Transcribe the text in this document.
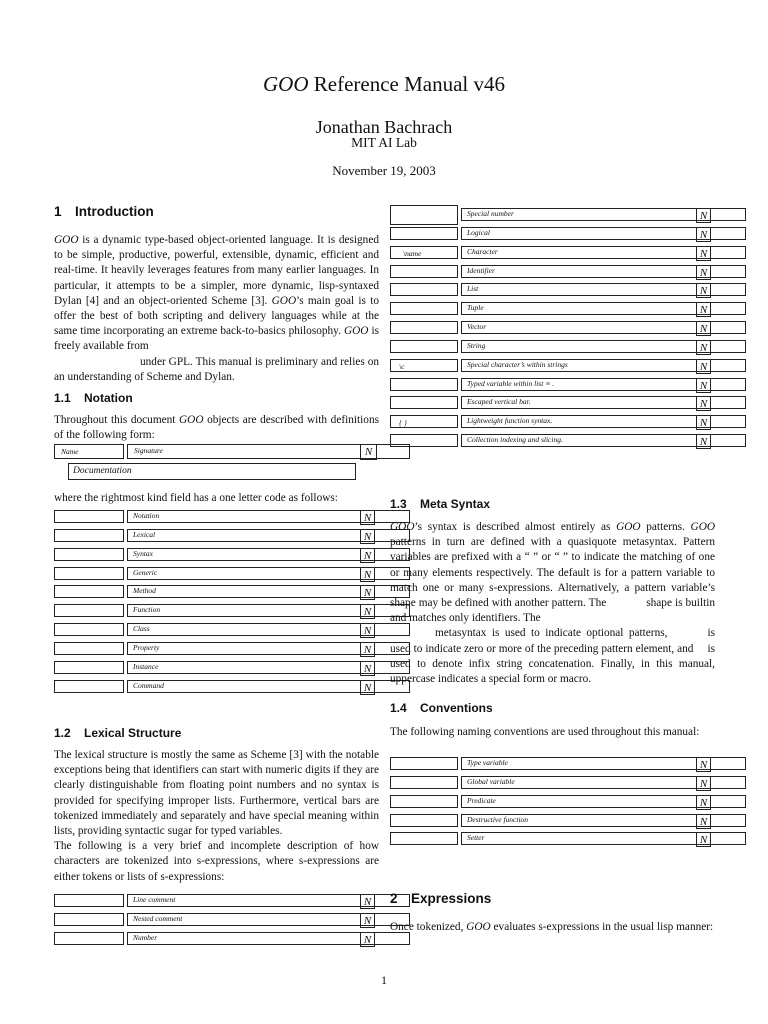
GOO Reference Manual v46
Jonathan Bachrach
MIT AI Lab
November 19, 2003
1 Introduction
GOO is a dynamic type-based object-oriented language. It is designed to be simple, productive, powerful, extensible, dynamic, efficient and real-time. It heavily leverages features from many earlier languages. In particular, it attempts to be a simpler, more dynamic, lisp-syntaxed Dylan [4] and an object-oriented Scheme [3]. GOO’s main goal is to offer the best of both scripting and delivery languages while at the same time incorporating an extreme back-to-basics philosophy. GOO is freely available from
under GPL. This manual is preliminary and relies on an understanding of Scheme and Dylan.
1.1 Notation
Throughout this document GOO objects are described with definitions of the following form:
Name	Signature	N
Documentation
where the rightmost kind field has a one letter code as follows:
Notation	N
Lexical	N
Syntax	N
Generic	N
Method	N
Function	N
Class	N
Property	N
Instance	N
Command	N
1.2 Lexical Structure
The lexical structure is mostly the same as Scheme [3] with the notable exceptions being that identifiers can start with numeric digits if they are clearly distinguishable from floating point numbers and no syntax is provided for specifying improper lists. Furthermore, vertical bars are tokenized immediately and separately and have special meaning within lists, providing syntactic sugar for typed variables.
The following is a very brief and incomplete description of how characters are tokenized into s-expressions, where s-expressions are either tokens or lists of s-expressions:
Line comment	N
Nested comment	N
Number	N
Special number	N
Logical	N
\name	Character	N
Identifier	N
List	N
Tuple	N
Vector	N
String	N
\c	Special character’s within strings	N
Typed variable within list ≡ .	N
Escaped vertical bar.	N
{ }	Lightweight function syntax.	N
Collection indexing and slicing.	N
1.3 Meta Syntax
GOO’s syntax is described almost entirely as GOO patterns. GOO patterns in turn are defined with a quasiquote metasyntax. Pattern variables are prefixed with a “ ” or “ ” to indicate the matching of one or many elements respectively. The default is for a pattern variable to match one or many s-expressions. Alternatively, a pattern variable’s shape may be defined with another pattern. The	shape is builtin and matches only identifiers. The
metasyntax is used to indicate optional patterns,	is used to indicate zero or more of the preceding pattern element, and is used to denote infix string concatenation. Finally, in this manual, uppercase indicates a special form or macro.
1.4 Conventions
The following naming conventions are used throughout this manual:
Type variable	N
Global variable	N
Predicate	N
Destructive function	N
Setter	N
2 Expressions
Once tokenized, GOO evaluates s-expressions in the usual lisp manner:
1
